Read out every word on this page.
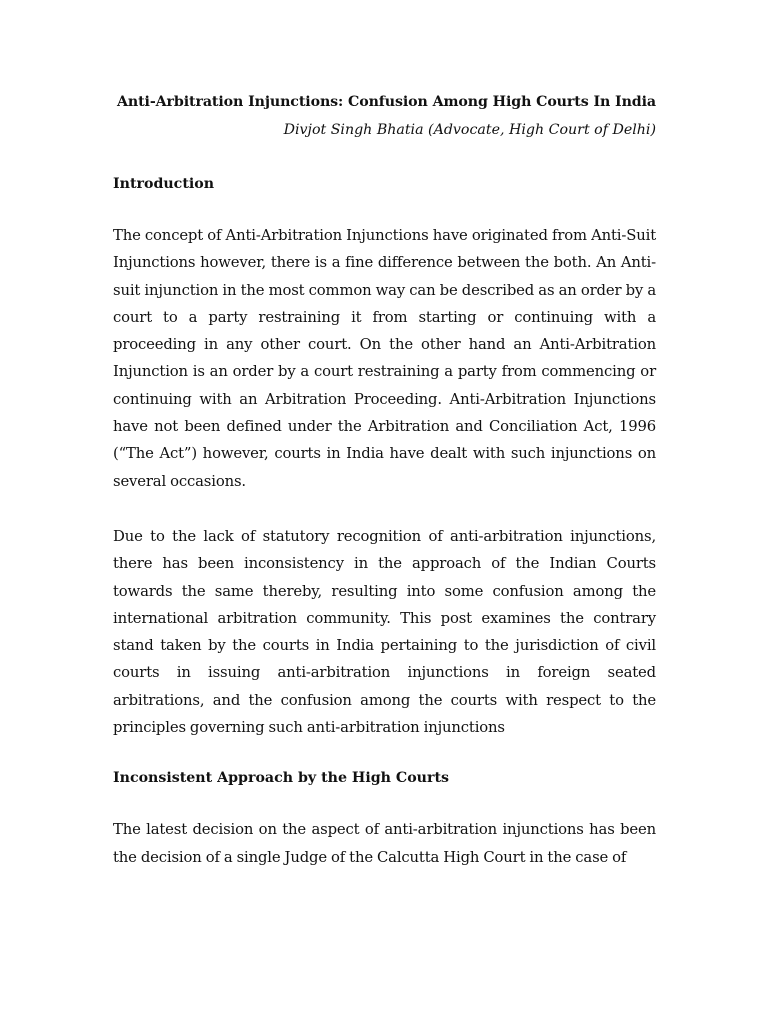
Anti-Arbitration Injunctions: Confusion Among High Courts In India

Divjot Singh Bhatia (Advocate, High Court of Delhi)

Introduction

The concept of Anti-Arbitration Injunctions have originated from Anti-Suit Injunctions however, there is a fine difference between the both. An Anti-suit injunction in the most common way can be described as an order by a court to a party restraining it from starting or continuing with a proceeding in any other court. On the other hand an Anti-Arbitration Injunction is an order by a court restraining a party from commencing or continuing with an Arbitration Proceeding. Anti-Arbitration Injunctions have not been defined under the Arbitration and Conciliation Act, 1996 (“The Act”) however, courts in India have dealt with such injunctions on several occasions.

Due to the lack of statutory recognition of anti-arbitration injunctions, there has been inconsistency in the approach of the Indian Courts towards the same thereby, resulting into some confusion among the international arbitration community. This post examines the contrary stand taken by the courts in India pertaining to the jurisdiction of civil courts in issuing anti-arbitration injunctions in foreign seated arbitrations, and the confusion among the courts with respect to the principles governing such anti-arbitration injunctions

Inconsistent Approach by the High Courts

The latest decision on the aspect of anti-arbitration injunctions has been the decision of a single Judge of the Calcutta High Court in the case of
